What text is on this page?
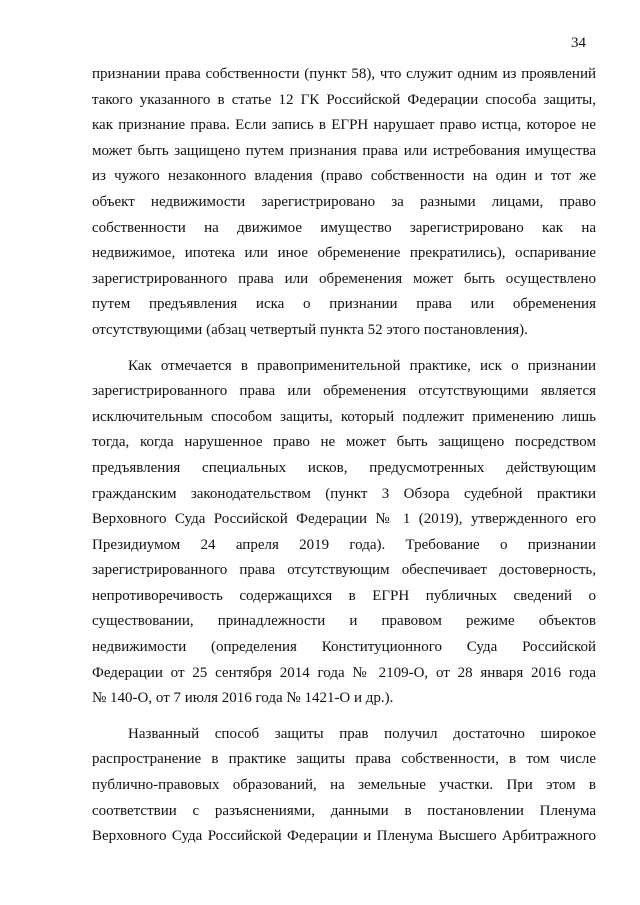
34
признании права собственности (пункт 58), что служит одним из проявлений
такого указанного в статье 12 ГК Российской Федерации способа защиты,
как признание права. Если запись в ЕГРН нарушает право истца, которое не
может быть защищено путем признания права или истребования имущества
из чужого незаконного владения (право собственности на один и тот же
объект недвижимости зарегистрировано за разными лицами, право
собственности на движимое имущество зарегистрировано как на
недвижимое, ипотека или иное обременение прекратились), оспаривание
зарегистрированного права или обременения может быть осуществлено
путем предъявления иска о признании права или обременения
отсутствующими (абзац четвертый пункта 52 этого постановления).
Как отмечается в правоприменительной практике, иск о признании
зарегистрированного права или обременения отсутствующими является
исключительным способом защиты, который подлежит применению лишь
тогда, когда нарушенное право не может быть защищено посредством
предъявления специальных исков, предусмотренных действующим
гражданским законодательством (пункт 3 Обзора судебной практики
Верховного Суда Российской Федерации № 1 (2019), утвержденного его
Президиумом 24 апреля 2019 года). Требование о признании
зарегистрированного права отсутствующим обеспечивает достоверность,
непротиворечивость содержащихся в ЕГРН публичных сведений о
существовании, принадлежности и правовом режиме объектов
недвижимости (определения Конституционного Суда Российской
Федерации от 25 сентября 2014 года № 2109-О, от 28 января 2016 года
№ 140-О, от 7 июля 2016 года № 1421-О и др.).
Названный способ защиты прав получил достаточно широкое
распространение в практике защиты права собственности, в том числе
публично-правовых образований, на земельные участки. При этом в
соответствии с разъяснениями, данными в постановлении Пленума
Верховного Суда Российской Федерации и Пленума Высшего Арбитражного
